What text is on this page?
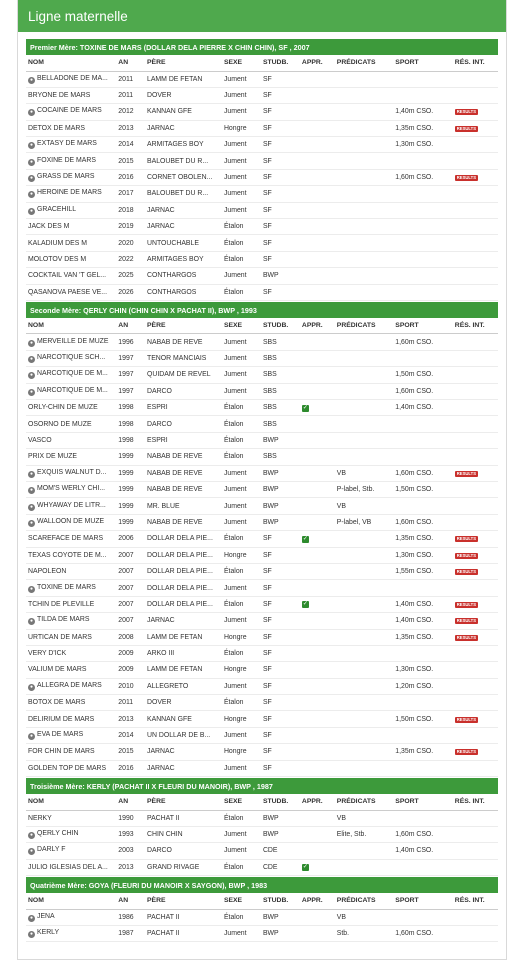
Ligne maternelle
Premier Mère: TOXINE DE MARS (DOLLAR DELA PIERRE X CHIN CHIN), SF , 2007
NOM	AN	PÈRE	SEXE	STUDB.	APPR.	PRÉDICATS	SPORT	RÉS. INT.
● BELLADONE DE MA...	2011	LAMM DE FETAN	Jument	SF				
BRYONE DE MARS	2011	DOVER	Jument	SF				
● COCAINE DE MARS	2012	KANNAN GFE	Jument	SF			1,40m CSO.	RESULTS
DETOX DE MARS	2013	JARNAC	Hongre	SF			1,35m CSO.	RESULTS
● EXTASY DE MARS	2014	ARMITAGES BOY	Jument	SF			1,30m CSO.	
● FOXINE DE MARS	2015	BALOUBET DU R...	Jument	SF				
● GRASS DE MARS	2016	CORNET OBOLEN...	Jument	SF			1,60m CSO.	RESULTS
● HEROINE DE MARS	2017	BALOUBET DU R...	Jument	SF				
● GRACEHILL	2018	JARNAC	Jument	SF				
JACK DES M	2019	JARNAC	Étalon	SF				
KALADIUM DES M	2020	UNTOUCHABLE	Étalon	SF				
MOLOTOV DES M	2022	ARMITAGES BOY	Étalon	SF				
COCKTAIL VAN 'T GEL...	2025	CONTHARGOS	Jument	BWP				
QASANOVA PAESE VE...	2026	CONTHARGOS	Étalon	SF				
Seconde Mère: QERLY CHIN (CHIN CHIN X PACHAT II), BWP , 1993
NOM	AN	PÈRE	SEXE	STUDB.	APPR.	PRÉDICATS	SPORT	RÉS. INT.
● MERVEILLE DE MUZE	1996	NABAB DE REVE	Jument	SBS			1,60m CSO.	
● NARCOTIQUE SCH...	1997	TENOR MANCIAIS	Jument	SBS				
● NARCOTIQUE DE M...	1997	QUIDAM DE REVEL	Jument	SBS			1,50m CSO.	
● NARCOTIQUE DE M...	1997	DARCO	Jument	SBS			1,60m CSO.	
ORLY-CHIN DE MUZE	1998	ESPRI	Étalon	SBS	✓		1,40m CSO.	
OSORNO DE MUZE	1998	DARCO	Étalon	SBS				
VASCO	1998	ESPRI	Étalon	BWP				
PRIX DE MUZE	1999	NABAB DE REVE	Étalon	SBS				
● EXQUIS WALNUT D...	1999	NABAB DE REVE	Jument	BWP		VB	1,60m CSO.	RESULTS
● MOM'S WERLY CHI...	1999	NABAB DE REVE	Jument	BWP		P-label, Stb.	1,50m CSO.	
● WHYAWAY DE LITR...	1999	MR. BLUE	Jument	BWP		VB		
● WALLOON DE MUZE	1999	NABAB DE REVE	Jument	BWP		P-label, VB	1,60m CSO.	
SCAREFACE DE MARS	2006	DOLLAR DELA PIE...	Étalon	SF	✓		1,35m CSO.	RESULTS
TEXAS COYOTE DE M...	2007	DOLLAR DELA PIE...	Hongre	SF			1,30m CSO.	RESULTS
NAPOLEON	2007	DOLLAR DELA PIE...	Étalon	SF			1,55m CSO.	RESULTS
● TOXINE DE MARS	2007	DOLLAR DELA PIE...	Jument	SF				
TCHIN DE PLEVILLE	2007	DOLLAR DELA PIE...	Étalon	SF	✓		1,40m CSO.	RESULTS
● TILDA DE MARS	2007	JARNAC	Jument	SF			1,40m CSO.	RESULTS
URTICAN DE MARS	2008	LAMM DE FETAN	Hongre	SF			1,35m CSO.	RESULTS
VERY D'ICK	2009	ARKO III	Étalon	SF				
VALIUM DE MARS	2009	LAMM DE FETAN	Hongre	SF			1,30m CSO.	
● ALLEGRA DE MARS	2010	ALLEGRETO	Jument	SF			1,20m CSO.	
BOTOX DE MARS	2011	DOVER	Étalon	SF				
DELIRIUM DE MARS	2013	KANNAN GFE	Hongre	SF			1,50m CSO.	RESULTS
● EVA DE MARS	2014	UN DOLLAR DE B...	Jument	SF				
FOR CHIN DE MARS	2015	JARNAC	Hongre	SF			1,35m CSO.	RESULTS
GOLDEN TOP DE MARS	2016	JARNAC	Jument	SF				
Troisième Mère: KERLY (PACHAT II X FLEURI DU MANOIR), BWP , 1987
NOM	AN	PÈRE	SEXE	STUDB.	APPR.	PRÉDICATS	SPORT	RÉS. INT.
NERKY	1990	PACHAT II	Étalon	BWP		VB		
● QERLY CHIN	1993	CHIN CHIN	Jument	BWP		Elite, Stb.	1,60m CSO.	
● DARLY F	2003	DARCO	Jument	CDE			1,40m CSO.	
JULIO IGLESIAS DEL A...	2013	GRAND RIVAGE	Étalon	CDE	✓			
Quatrième Mère: GOYA (FLEURI DU MANOIR X SAYGON), BWP , 1983
NOM	AN	PÈRE	SEXE	STUDB.	APPR.	PRÉDICATS	SPORT	RÉS. INT.
● JENA	1986	PACHAT II	Étalon	BWP		VB		
● KERLY	1987	PACHAT II	Jument	BWP		Stb.	1,60m CSO.	
